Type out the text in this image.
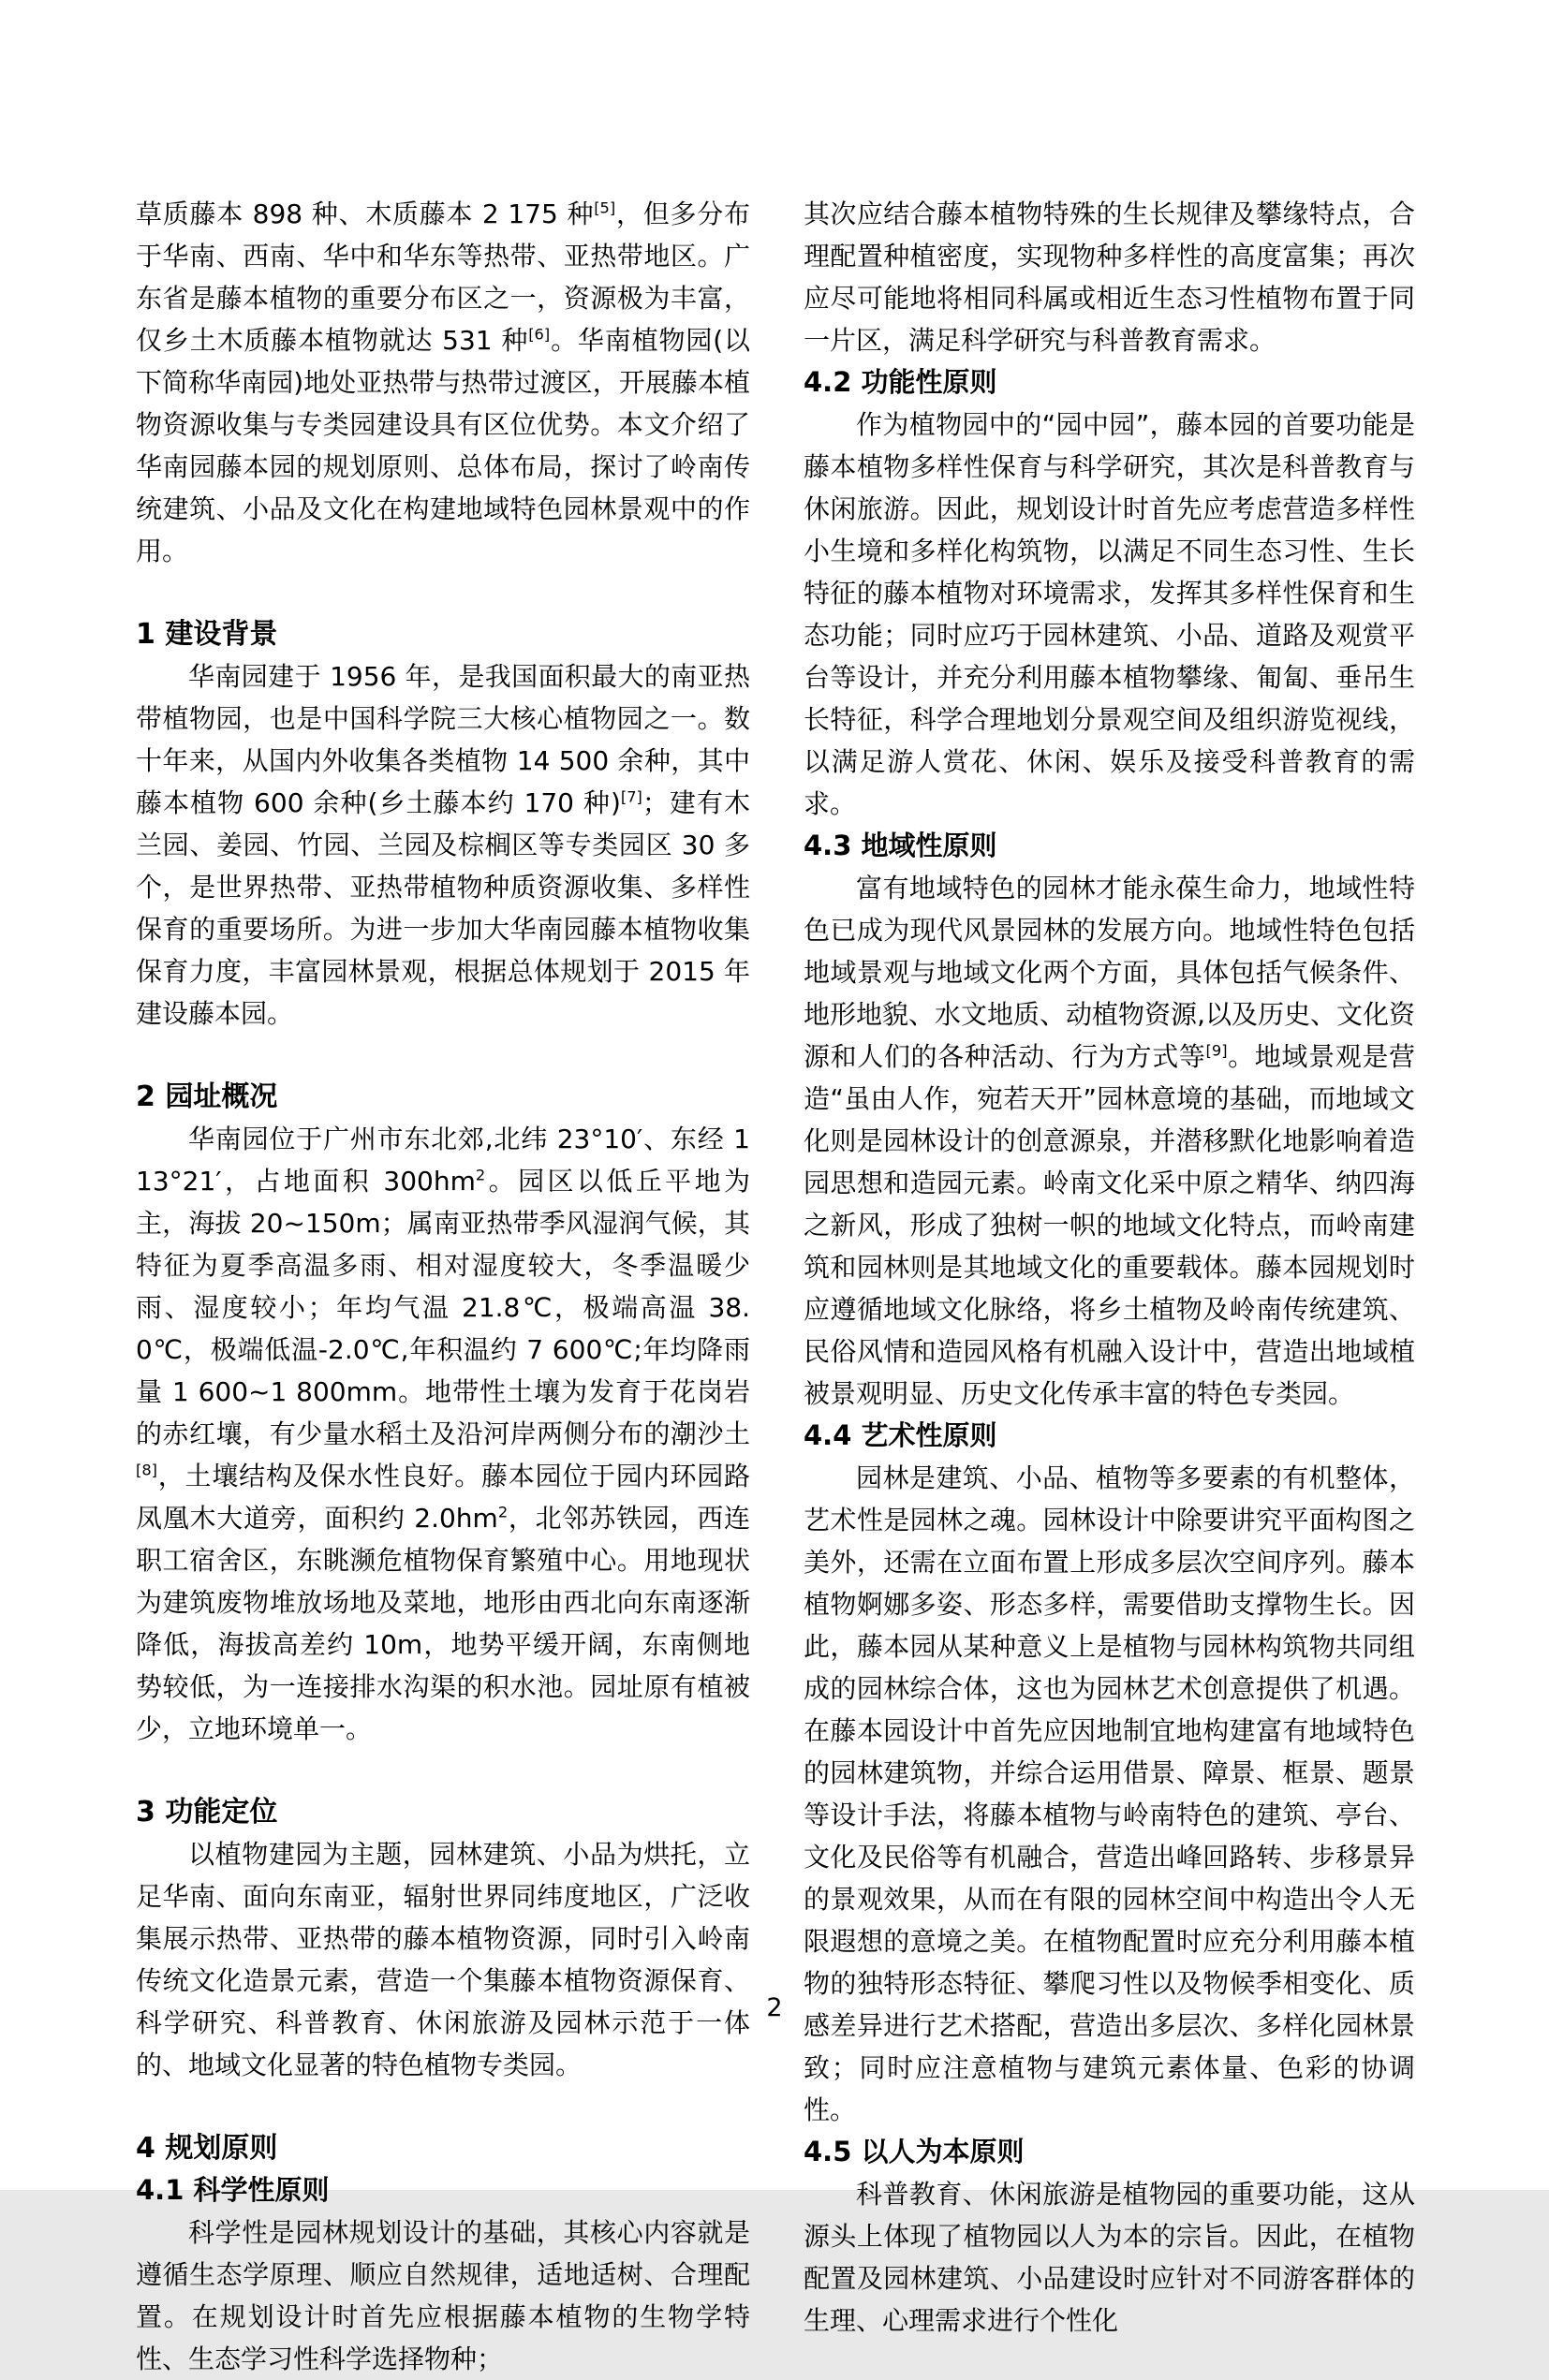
草质藤本 898 种、木质藤本 2 175 种[5]，但多分布于华南、西南、华中和华东等热带、亚热带地区。广东省是藤本植物的重要分布区之一，资源极为丰富，仅乡土木质藤本植物就达 531 种[6]。华南植物园(以下简称华南园)地处亚热带与热带过渡区，开展藤本植物资源收集与专类园建设具有区位优势。本文介绍了华南园藤本园的规划原则、总体布局，探讨了岭南传统建筑、小品及文化在构建地域特色园林景观中的作用。

1 建设背景

华南园建于 1956 年，是我国面积最大的南亚热带植物园，也是中国科学院三大核心植物园之一。数十年来，从国内外收集各类植物 14 500 余种，其中藤本植物 600 余种(乡土藤本约 170 种)[7]；建有木兰园、姜园、竹园、兰园及棕榈区等专类园区 30 多个，是世界热带、亚热带植物种质资源收集、多样性保育的重要场所。为进一步加大华南园藤本植物收集保育力度，丰富园林景观，根据总体规划于 2015 年建设藤本园。

2 园址概况

华南园位于广州市东北郊,北纬 23°10′、东经 113°21′，占地面积 $300hm^2$。园区以低丘平地为主，海拔 20~150m；属南亚热带季风湿润气候，其特征为夏季高温多雨、相对湿度较大，冬季温暖少雨、湿度较小；年均气温 21.8℃，极端高温 38.0℃，极端低温-2.0℃,年积温约 7 600℃;年均降雨量 1 600~1 800mm。地带性土壤为发育于花岗岩的赤红壤，有少量水稻土及沿河岸两侧分布的潮沙土[8]，土壤结构及保水性良好。藤本园位于园内环园路凤凰木大道旁，面积约 $2.0hm^2$，北邻苏铁园，西连职工宿舍区，东眺濒危植物保育繁殖中心。用地现状为建筑废物堆放场地及菜地，地形由西北向东南逐渐降低，海拔高差约 10m，地势平缓开阔，东南侧地势较低，为一连接排水沟渠的积水池。园址原有植被少，立地环境单一。

3 功能定位

以植物建园为主题，园林建筑、小品为烘托，立足华南、面向东南亚，辐射世界同纬度地区，广泛收集展示热带、亚热带的藤本植物资源，同时引入岭南传统文化造景元素，营造一个集藤本植物资源保育、科学研究、科普教育、休闲旅游及园林示范于一体的、地域文化显著的特色植物专类园。

4 规划原则
4.1 科学性原则

科学性是园林规划设计的基础，其核心内容就是遵循生态学原理、顺应自然规律，适地适树、合理配置。在规划设计时首先应根据藤本植物的生物学特性、生态学习性科学选择物种；

其次应结合藤本植物特殊的生长规律及攀缘特点，合理配置种植密度，实现物种多样性的高度富集；再次应尽可能地将相同科属或相近生态习性植物布置于同一片区，满足科学研究与科普教育需求。

4.2 功能性原则

作为植物园中的“园中园”，藤本园的首要功能是藤本植物多样性保育与科学研究，其次是科普教育与休闲旅游。因此，规划设计时首先应考虑营造多样性小生境和多样化构筑物，以满足不同生态习性、生长特征的藤本植物对环境需求，发挥其多样性保育和生态功能；同时应巧于园林建筑、小品、道路及观赏平台等设计，并充分利用藤本植物攀缘、匍匐、垂吊生长特征，科学合理地划分景观空间及组织游览视线，以满足游人赏花、休闲、娱乐及接受科普教育的需求。

4.3 地域性原则

富有地域特色的园林才能永葆生命力，地域性特色已成为现代风景园林的发展方向。地域性特色包括地域景观与地域文化两个方面，具体包括气候条件、地形地貌、水文地质、动植物资源,以及历史、文化资源和人们的各种活动、行为方式等[9]。地域景观是营造“虽由人作，宛若天开”园林意境的基础，而地域文化则是园林设计的创意源泉，并潜移默化地影响着造园思想和造园元素。岭南文化采中原之精华、纳四海之新风，形成了独树一帜的地域文化特点，而岭南建筑和园林则是其地域文化的重要载体。藤本园规划时应遵循地域文化脉络，将乡土植物及岭南传统建筑、民俗风情和造园风格有机融入设计中，营造出地域植被景观明显、历史文化传承丰富的特色专类园。

4.4 艺术性原则

园林是建筑、小品、植物等多要素的有机整体，艺术性是园林之魂。园林设计中除要讲究平面构图之美外，还需在立面布置上形成多层次空间序列。藤本植物婀娜多姿、形态多样，需要借助支撑物生长。因此，藤本园从某种意义上是植物与园林构筑物共同组成的园林综合体，这也为园林艺术创意提供了机遇。在藤本园设计中首先应因地制宜地构建富有地域特色的园林建筑物，并综合运用借景、障景、框景、题景等设计手法，将藤本植物与岭南特色的建筑、亭台、文化及民俗等有机融合，营造出峰回路转、步移景异的景观效果，从而在有限的园林空间中构造出令人无限遐想的意境之美。在植物配置时应充分利用藤本植物的独特形态特征、攀爬习性以及物候季相变化、质感差异进行艺术搭配，营造出多层次、多样化园林景致；同时应注意植物与建筑元素体量、色彩的协调性。

4.5 以人为本原则

科普教育、休闲旅游是植物园的重要功能，这从源头上体现了植物园以人为本的宗旨。因此，在植物配置及园林建筑、小品建设时应针对不同游客群体的生理、心理需求进行个性化

2
